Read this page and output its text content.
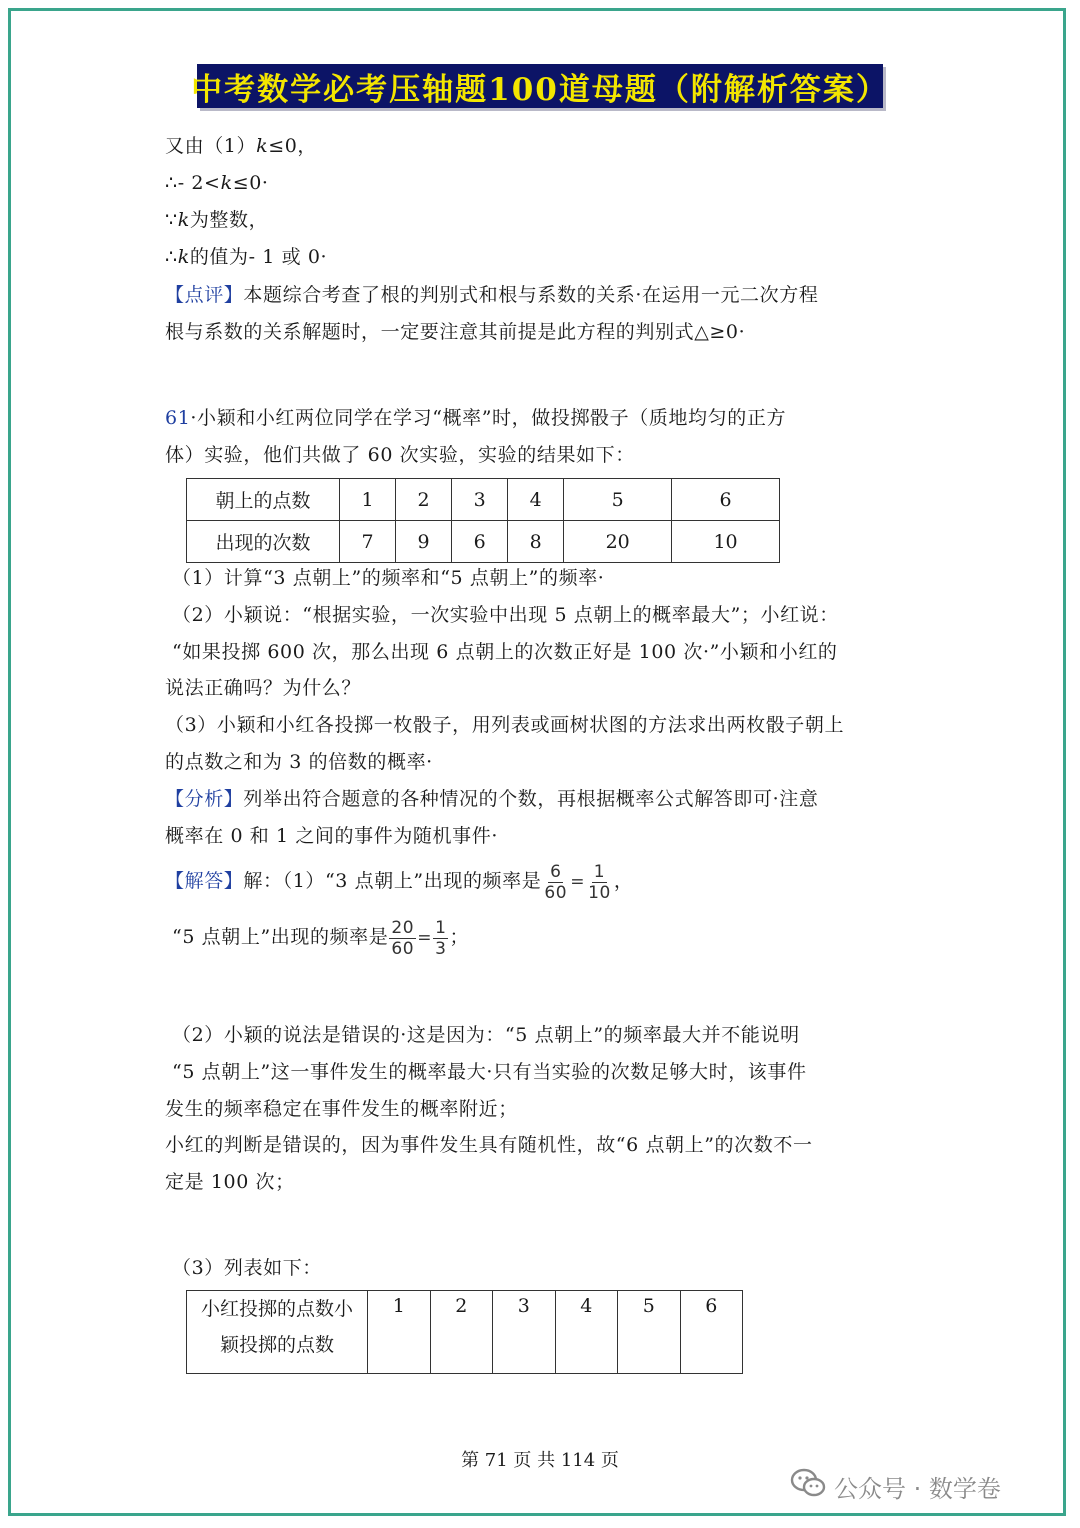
中考数学必考压轴题100道母题（附解析答案）
又由（1）k≤0，
∴- 2<k≤0·
∵k为整数，
∴k的值为- 1 或 0·
【点评】本题综合考查了根的判别式和根与系数的关系·在运用一元二次方程
根与系数的关系解题时，一定要注意其前提是此方程的判别式△≥0·
61·小颖和小红两位同学在学习“概率”时，做投掷骰子（质地均匀的正方
体）实验，他们共做了 60 次实验，实验的结果如下：
朝上的点数	1	2	3	4	5	6
出现的次数	7	9	6	8	20	10
（1）计算“3 点朝上”的频率和“5 点朝上”的频率·
（2）小颖说：“根据实验，一次实验中出现 5 点朝上的概率最大”；小红说：
“如果投掷 600 次，那么出现 6 点朝上的次数正好是 100 次·”小颖和小红的
说法正确吗？为什么？
（3）小颖和小红各投掷一枚骰子，用列表或画树状图的方法求出两枚骰子朝上
的点数之和为 3 的倍数的概率·
【分析】列举出符合题意的各种情况的个数，再根据概率公式解答即可·注意
概率在 0 和 1 之间的事件为随机事件·
【解答】解：（1）“3 点朝上”出现的频率是 $\frac{6}{60} = \frac{1}{10}$ ，
“5 点朝上”出现的频率是 $\frac{20}{60} = \frac{1}{3}$ ；
（2）小颖的说法是错误的·这是因为：“5 点朝上”的频率最大并不能说明
“5 点朝上”这一事件发生的概率最大·只有当实验的次数足够大时，该事件
发生的频率稳定在事件发生的概率附近；
小红的判断是错误的，因为事件发生具有随机性，故“6 点朝上”的次数不一
定是 100 次；
（3）列表如下：
小红投掷的点数小
颖投掷的点数	1	2	3	4	5	6
第 71 页 共 114 页
公众号 · 数学卷
